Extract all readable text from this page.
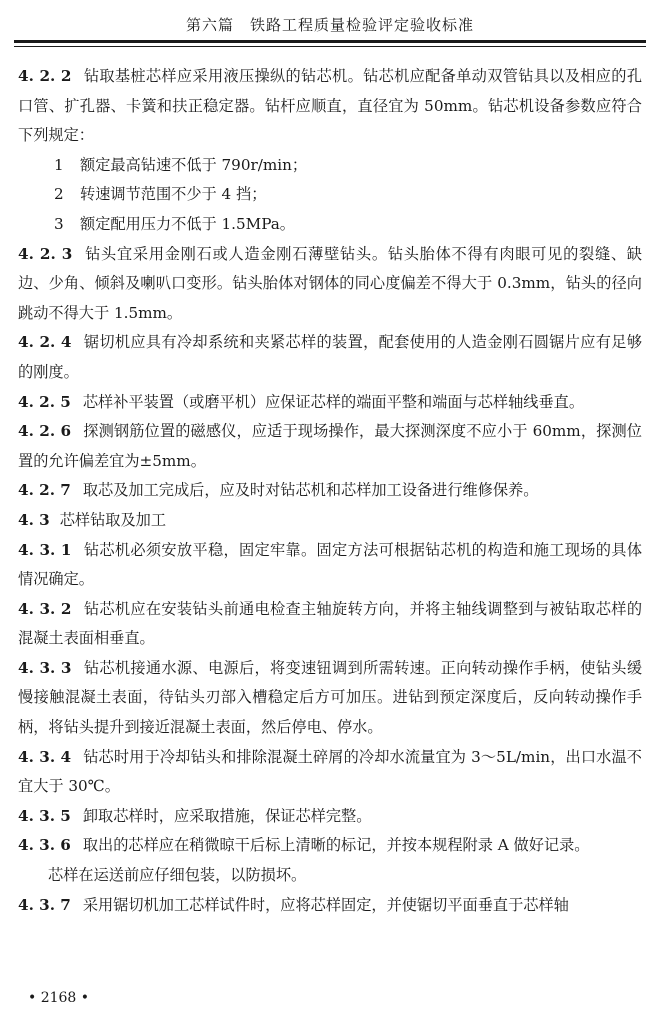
第六篇　铁路工程质量检验评定验收标准

4. 2. 2 钻取基桩芯样应采用液压操纵的钻芯机。钻芯机应配备单动双管钻具以及相应的孔口管、扩孔器、卡簧和扶正稳定器。钻杆应顺直，直径宜为 50mm。钻芯机设备参数应符合下列规定：

1 额定最高钻速不低于 790r/min；

2 转速调节范围不少于 4 挡；

3 额定配用压力不低于 1.5MPa。

4. 2. 3 钻头宜采用金刚石或人造金刚石薄壁钻头。钻头胎体不得有肉眼可见的裂缝、缺边、少角、倾斜及喇叭口变形。钻头胎体对钢体的同心度偏差不得大于 0.3mm，钻头的径向跳动不得大于 1.5mm。

4. 2. 4 锯切机应具有冷却系统和夹紧芯样的装置，配套使用的人造金刚石圆锯片应有足够的刚度。

4. 2. 5 芯样补平装置（或磨平机）应保证芯样的端面平整和端面与芯样轴线垂直。

4. 2. 6 探测钢筋位置的磁感仪，应适于现场操作，最大探测深度不应小于 60mm，探测位置的允许偏差宜为±5mm。

4. 2. 7 取芯及加工完成后，应及时对钻芯机和芯样加工设备进行维修保养。

4. 3 芯样钻取及加工

4. 3. 1 钻芯机必须安放平稳，固定牢靠。固定方法可根据钻芯机的构造和施工现场的具体情况确定。

4. 3. 2 钻芯机应在安装钻头前通电检查主轴旋转方向，并将主轴线调整到与被钻取芯样的混凝土表面相垂直。

4. 3. 3 钻芯机接通水源、电源后，将变速钮调到所需转速。正向转动操作手柄，使钻头缓慢接触混凝土表面，待钻头刃部入槽稳定后方可加压。进钻到预定深度后，反向转动操作手柄，将钻头提升到接近混凝土表面，然后停电、停水。

4. 3. 4 钻芯时用于冷却钻头和排除混凝土碎屑的冷却水流量宜为 3～5L/min，出口水温不宜大于 30℃。

4. 3. 5 卸取芯样时，应采取措施，保证芯样完整。

4. 3. 6 取出的芯样应在稍微晾干后标上清晰的标记，并按本规程附录 A 做好记录。

芯样在运送前应仔细包装，以防损坏。

4. 3. 7 采用锯切机加工芯样试件时，应将芯样固定，并使锯切平面垂直于芯样轴

• 2168 •
